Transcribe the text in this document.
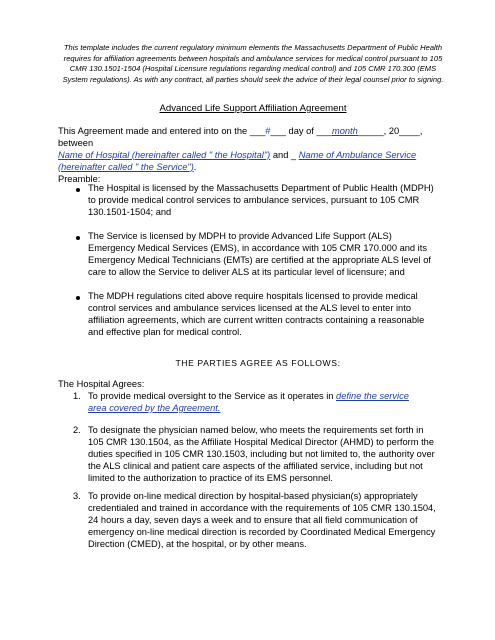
This template includes the current regulatory minimum elements the Massachusetts Department of Public Health requires for affiliation agreements between hospitals and ambulance services for medical control pursuant to 105 CMR 130.1501-1504 (Hospital Licensure regulations regarding medical control) and 105 CMR 170.300 (EMS System regulations). As with any contract, all parties should seek the advice of their legal counsel prior to signing.
Advanced Life Support Affiliation Agreement
This Agreement made and entered into on the ___#___ day of ___month_____, 20____, between
Name of Hospital (hereinafter called " the Hospital") and _ Name of Ambulance Service
(hereinafter called " the Service").
Preamble:
The Hospital is licensed by the Massachusetts Department of Public Health (MDPH) to provide medical control services to ambulance services, pursuant to 105 CMR 130.1501-1504; and
The Service is licensed by MDPH to provide Advanced Life Support (ALS) Emergency Medical Services (EMS), in accordance with 105 CMR 170.000 and its Emergency Medical Technicians (EMTs) are certified at the appropriate ALS level of care to allow the Service to deliver ALS at its particular level of licensure; and
The MDPH regulations cited above require hospitals licensed to provide medical control services and ambulance services licensed at the ALS level to enter into affiliation agreements, which are current written contracts containing a reasonable and effective plan for medical control.
THE PARTIES AGREE AS FOLLOWS:
The Hospital Agrees:
1. To provide medical oversight to the Service as it operates in define the service area covered by the Agreement.
2. To designate the physician named below, who meets the requirements set forth in 105 CMR 130.1504, as the Affiliate Hospital Medical Director (AHMD) to perform the duties specified in 105 CMR 130.1503, including but not limited to, the authority over the ALS clinical and patient care aspects of the affiliated service, including but not limited to the authorization to practice of its EMS personnel.
3. To provide on-line medical direction by hospital-based physician(s) appropriately credentialed and trained in accordance with the requirements of 105 CMR 130.1504, 24 hours a day, seven days a week and to ensure that all field communication of emergency on-line medical direction is recorded by Coordinated Medical Emergency Direction (CMED), at the hospital, or by other means.
